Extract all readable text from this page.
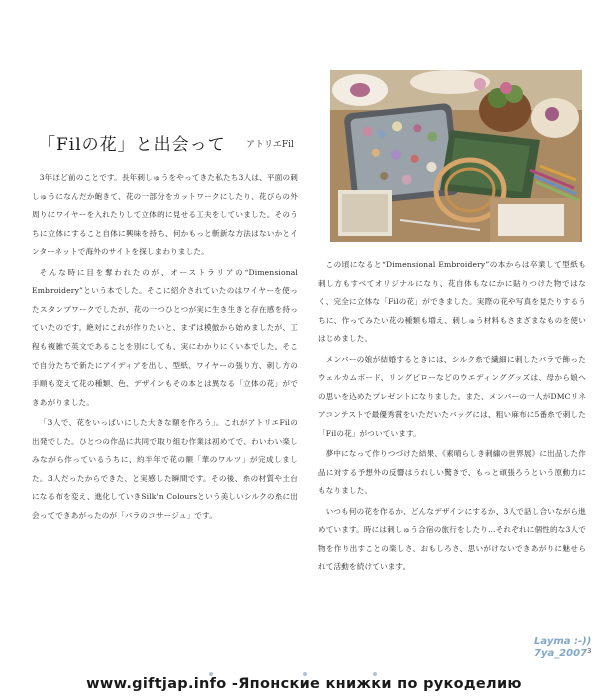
「Filの花」と出会って アトリエFil

3年ほど前のことです。長年刺しゅうをやってきた私たち3人は、平面の刺しゅうになんだか飽きて、花の一部分をカットワークにしたり、花びらの外周りにワイヤーを入れたりして立体的に見せる工夫をしていました。そのうちに立体にすること自体に興味を持ち、何かもっと斬新な方法はないかとインターネットで海外のサイトを探しまわりました。

そんな時に目を奪われたのが、オーストラリアの“Dimensional Embroidery”という本でした。そこに紹介されていたのはワイヤーを使ったスタンプワークでしたが、花の一つひとつが実に生き生きと存在感を持っていたのです。絶対にこれが作りたいと、まずは模倣から始めましたが、工程も複雑で英文であることを別にしても、実にわかりにくい本でした。そこで自分たちで新たにアイディアを出し、型紙、ワイヤーの張り方、刺し方の手順も変えて花の種類、色、デザインもその本とは異なる「立体の花」ができあがりました。

「3人で、花をいっぱいにした大きな額を作ろう」。これがアトリエFilの出発でした。ひとつの作品に共同で取り組む作業は初めてで、わいわい楽しみながら作っているうちに、約半年で花の額「華のワルツ」が完成しました。3人だったからできた、と実感した瞬間です。その後、糸の材質や土台になる布を変え、進化していきSilk'n Coloursという美しいシルクの糸に出会ってできあがったのが「バラのコサージュ」です。

この頃になると“Dimensional Embroidery”の本からは卒業して型紙も刺し方もすべてオリジナルになり、花自体もなにかに貼りつけた物ではなく、完全に立体な「Filの花」ができました。実際の花や写真を見たりするうちに、作ってみたい花の種類も増え、刺しゅう材料もさまざまなものを使いはじめました。

メンバーの娘が結婚するときには、シルク糸で繊細に刺したバラで飾ったウェルカムボード、リングピローなどのウエディンググッズは、母から娘への思いを込めたプレゼントになりました。また、メンバーの一人がDMCリネアコンテストで最優秀賞をいただいたバッグには、粗い麻布に5番糸で刺した「Filの花」がついています。

夢中になって作りつづけた結果、《素晴らしき刺繍の世界展》に出品した作品に対する予想外の反響はうれしい驚きで、もっと頑張ろうという原動力にもなりました。

いつも何の花を作るか、どんなデザインにするか、3人で話し合いながら進めています。時には刺しゅう合宿の旅行をしたり…それぞれに個性的な3人で物を作り出すことの楽しさ、おもしろさ、思いがけないできあがりに魅せられて活動を続けています。

3
Layma :-))
7ya_2007
www.giftjap.info -Японские книжки по рукоделию
